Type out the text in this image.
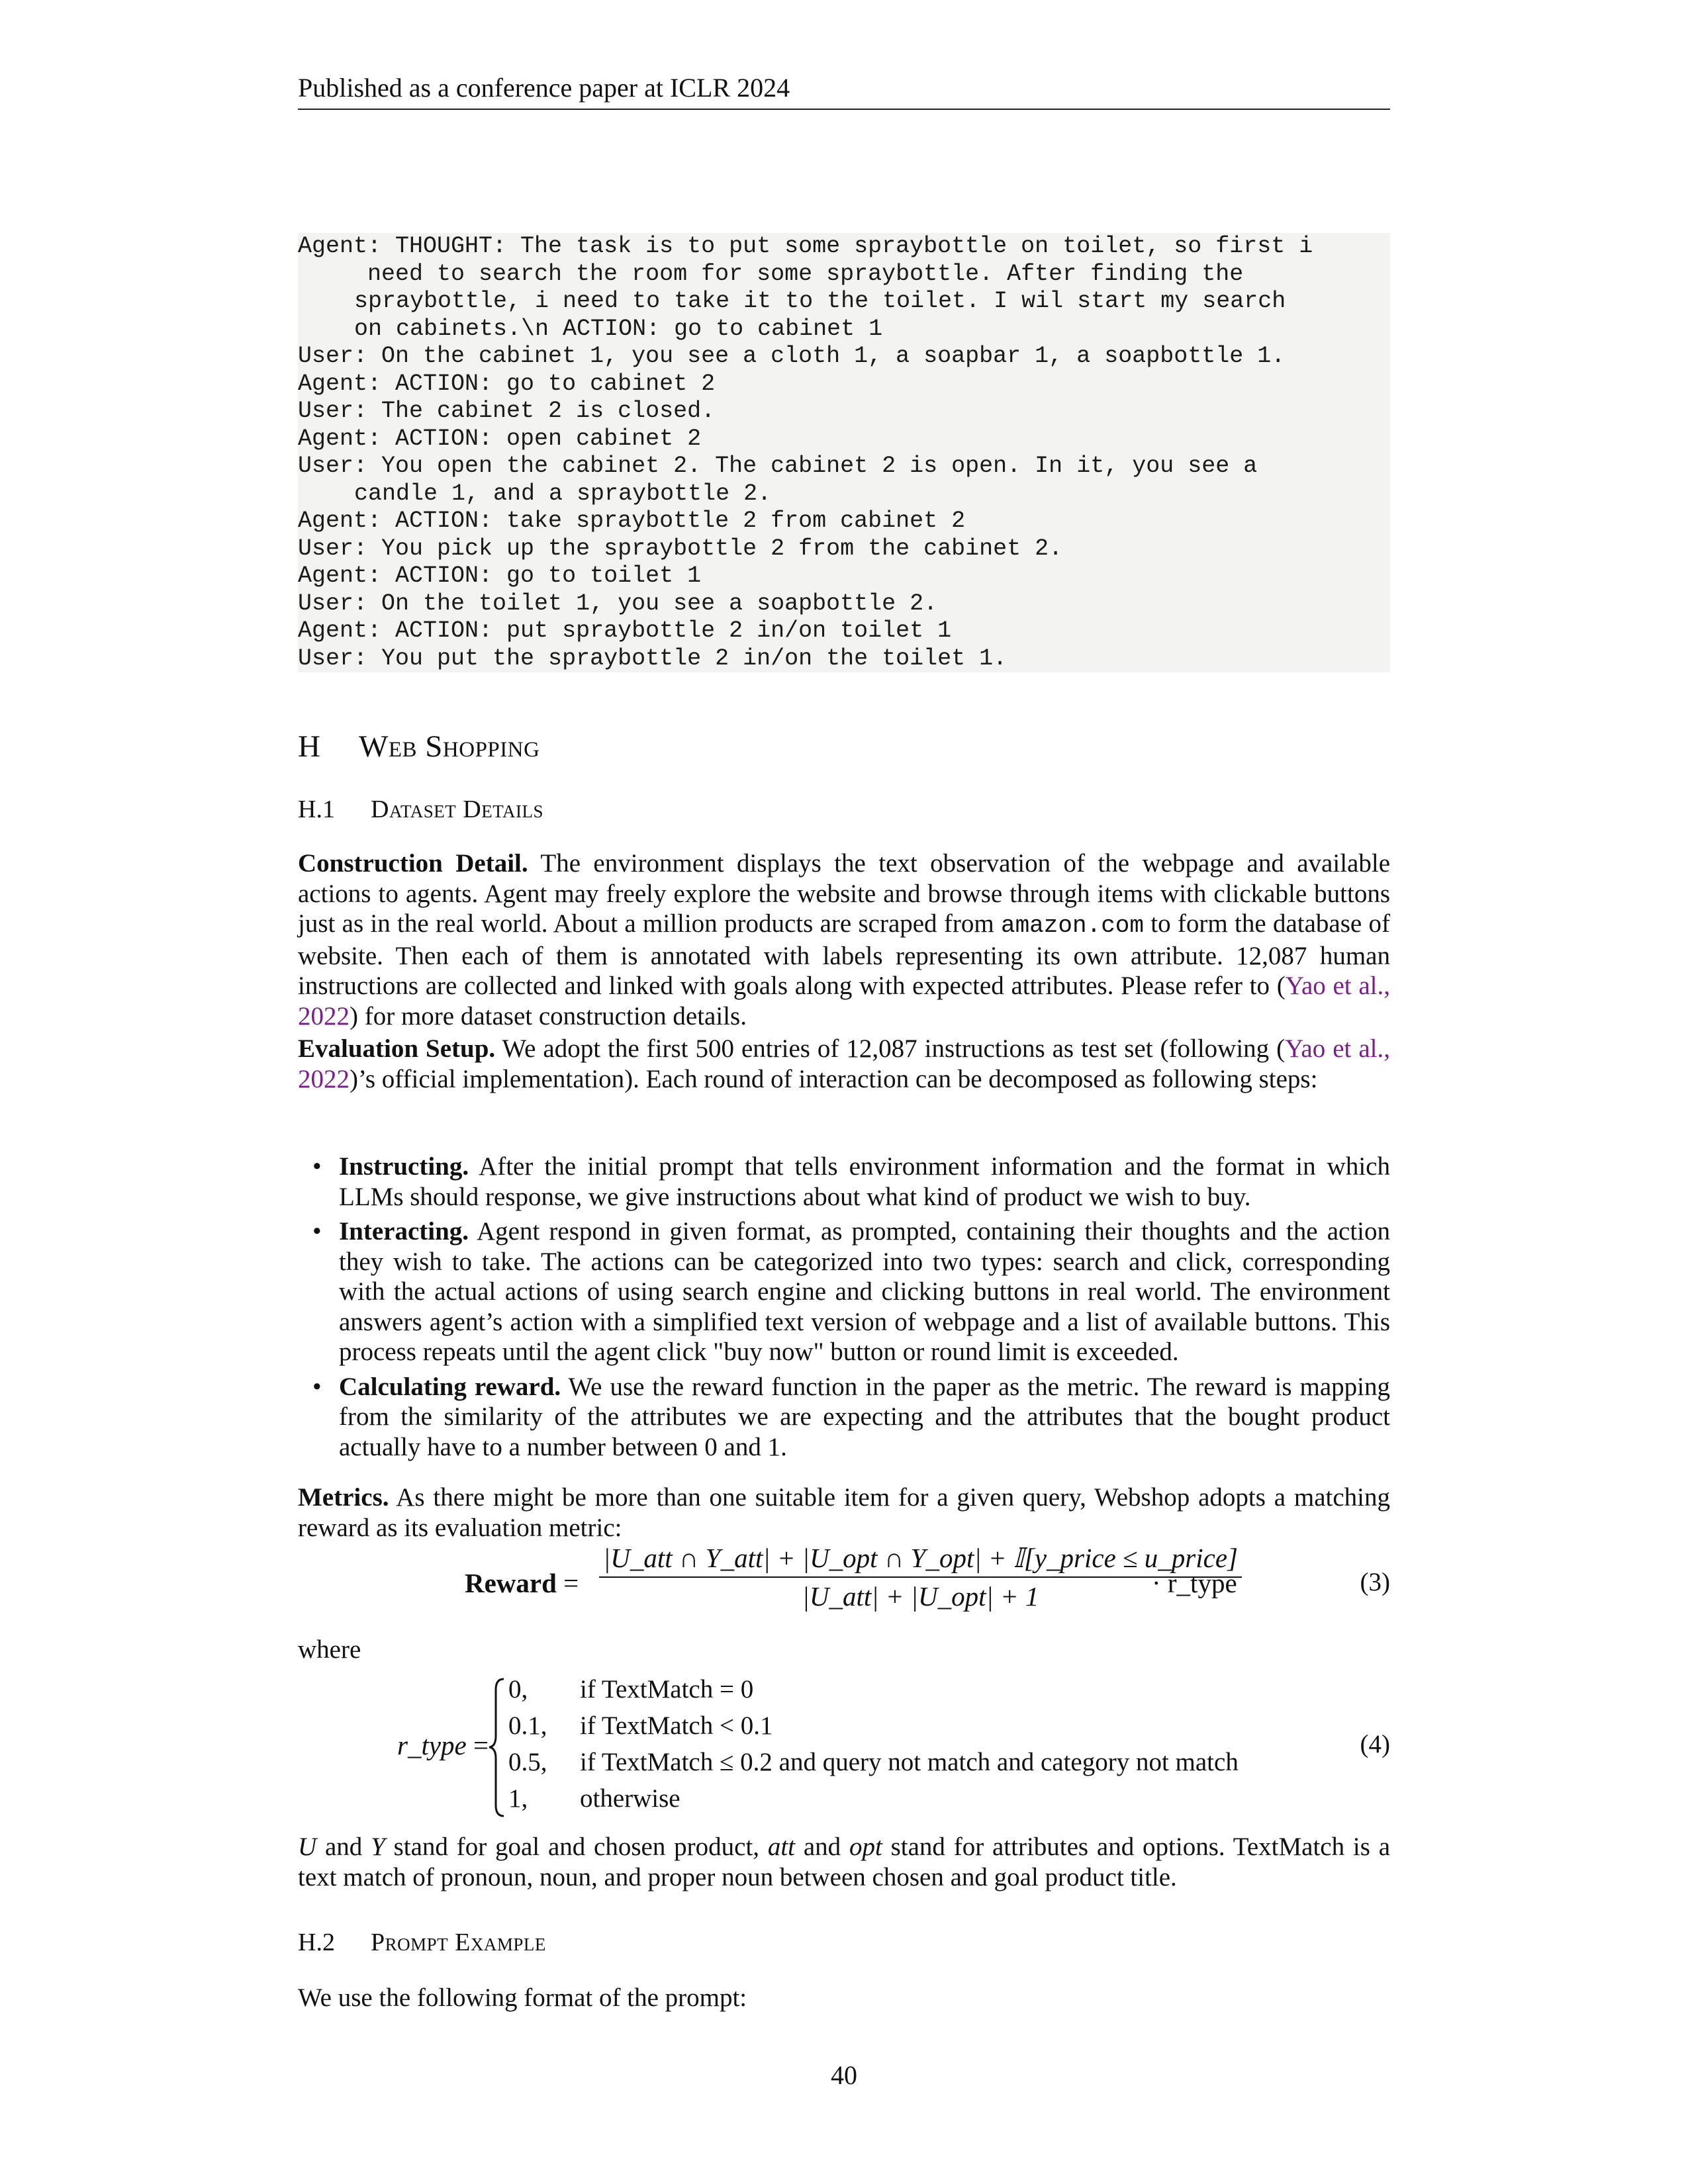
Published as a conference paper at ICLR 2024
Agent: THOUGHT: The task is to put some spraybottle on toilet, so first i
need to search the room for some spraybottle. After finding the
spraybottle, i need to take it to the toilet. I wil start my search
on cabinets.\n ACTION: go to cabinet 1
User: On the cabinet 1, you see a cloth 1, a soapbar 1, a soapbottle 1.
Agent: ACTION: go to cabinet 2
User: The cabinet 2 is closed.
Agent: ACTION: open cabinet 2
User: You open the cabinet 2. The cabinet 2 is open. In it, you see a
candle 1, and a spraybottle 2.
Agent: ACTION: take spraybottle 2 from cabinet 2
User: You pick up the spraybottle 2 from the cabinet 2.
Agent: ACTION: go to toilet 1
User: On the toilet 1, you see a soapbottle 2.
Agent: ACTION: put spraybottle 2 in/on toilet 1
User: You put the spraybottle 2 in/on the toilet 1.
H Web Shopping
H.1 Dataset Details
Construction Detail. The environment displays the text observation of the webpage and available actions to agents. Agent may freely explore the website and browse through items with clickable buttons just as in the real world. About a million products are scraped from amazon.com to form the database of website. Then each of them is annotated with labels representing its own attribute. 12,087 human instructions are collected and linked with goals along with expected attributes. Please refer to (Yao et al., 2022) for more dataset construction details.
Evaluation Setup. We adopt the first 500 entries of 12,087 instructions as test set (following (Yao et al., 2022)’s official implementation). Each round of interaction can be decomposed as following steps:
• Instructing. After the initial prompt that tells environment information and the format in which LLMs should response, we give instructions about what kind of product we wish to buy.
• Interacting. Agent respond in given format, as prompted, containing their thoughts and the action they wish to take. The actions can be categorized into two types: search and click, corresponding with the actual actions of using search engine and clicking buttons in real world. The environment answers agent’s action with a simplified text version of webpage and a list of available buttons. This process repeats until the agent click "buy now" button or round limit is exceeded.
• Calculating reward. We use the reward function in the paper as the metric. The reward is mapping from the similarity of the attributes we are expecting and the attributes that the bought product actually have to a number between 0 and 1.
Metrics. As there might be more than one suitable item for a given query, Webshop adopts a matching reward as its evaluation metric:
Reward =
|U_att ∩ Y_att| + |U_opt ∩ Y_opt| + 𝕀[y_price ≤ u_price]
|U_att| + |U_opt| + 1	· r_type	(3)
where
r_type =
0, if TextMatch = 0
0.1, if TextMatch < 0.1
0.5, if TextMatch ≤ 0.2 and query not match and category not match
1, otherwise
(4)
U and Y stand for goal and chosen product, att and opt stand for attributes and options. TextMatch is a text match of pronoun, noun, and proper noun between chosen and goal product title.
H.2 Prompt Example
We use the following format of the prompt:
40
